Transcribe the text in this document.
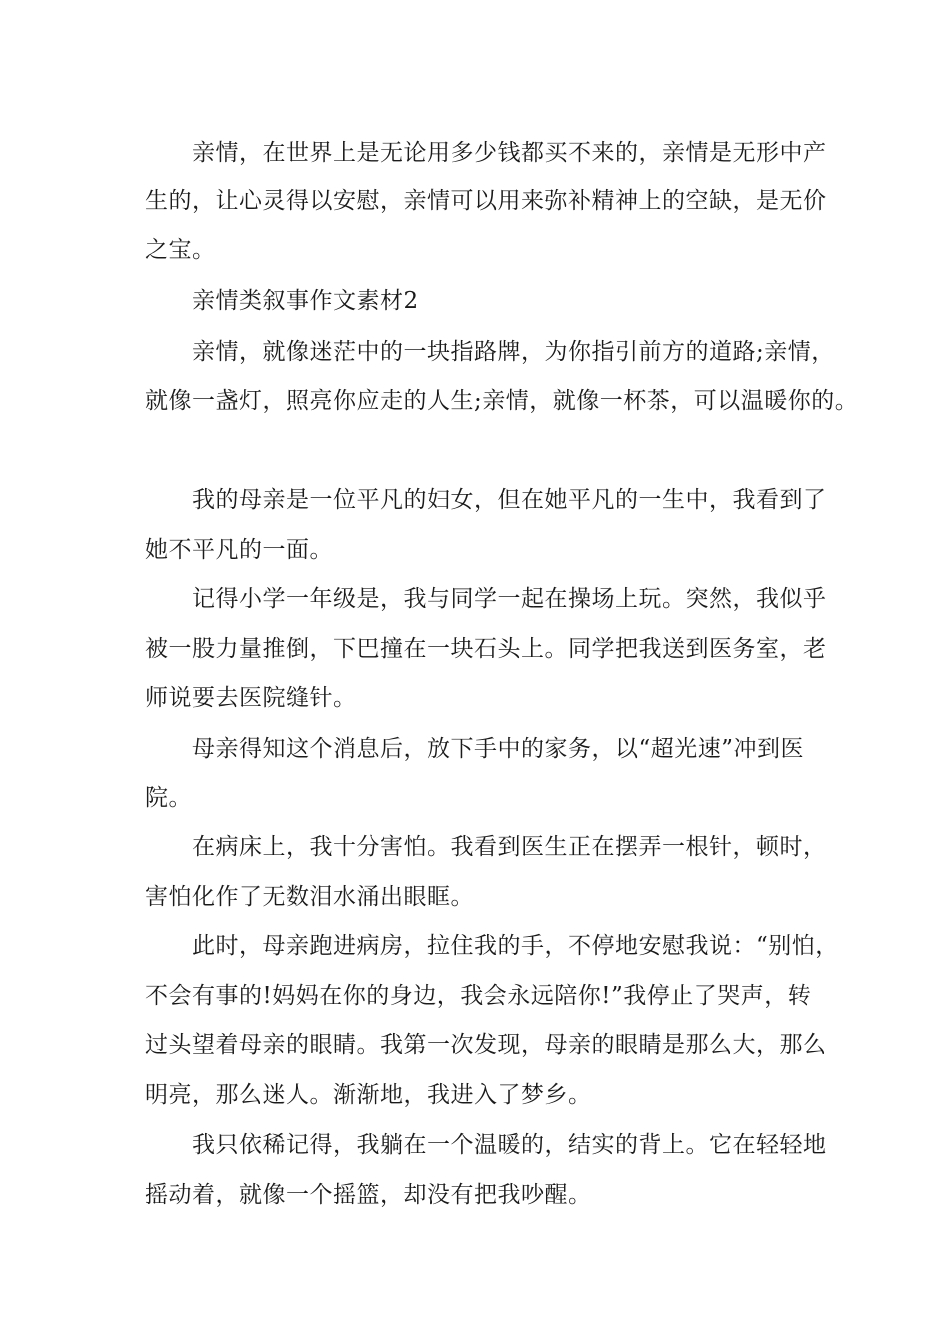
亲情，在世界上是无论用多少钱都买不来的，亲情是无形中产
生的，让心灵得以安慰，亲情可以用来弥补精神上的空缺，是无价
之宝。
亲情类叙事作文素材2
亲情，就像迷茫中的一块指路牌，为你指引前方的道路;亲情，
就像一盏灯，照亮你应走的人生;亲情，就像一杯茶，可以温暖你的。
我的母亲是一位平凡的妇女，但在她平凡的一生中，我看到了
她不平凡的一面。
记得小学一年级是，我与同学一起在操场上玩。突然，我似乎
被一股力量推倒，下巴撞在一块石头上。同学把我送到医务室，老
师说要去医院缝针。
母亲得知这个消息后，放下手中的家务，以“超光速”冲到医
院。
在病床上，我十分害怕。我看到医生正在摆弄一根针，顿时，
害怕化作了无数泪水涌出眼眶。
此时，母亲跑进病房，拉住我的手，不停地安慰我说：“别怕，
不会有事的!妈妈在你的身边，我会永远陪你!”我停止了哭声，转
过头望着母亲的眼睛。我第一次发现，母亲的眼睛是那么大，那么
明亮，那么迷人。渐渐地，我进入了梦乡。
我只依稀记得，我躺在一个温暖的，结实的背上。它在轻轻地
摇动着，就像一个摇篮，却没有把我吵醒。
